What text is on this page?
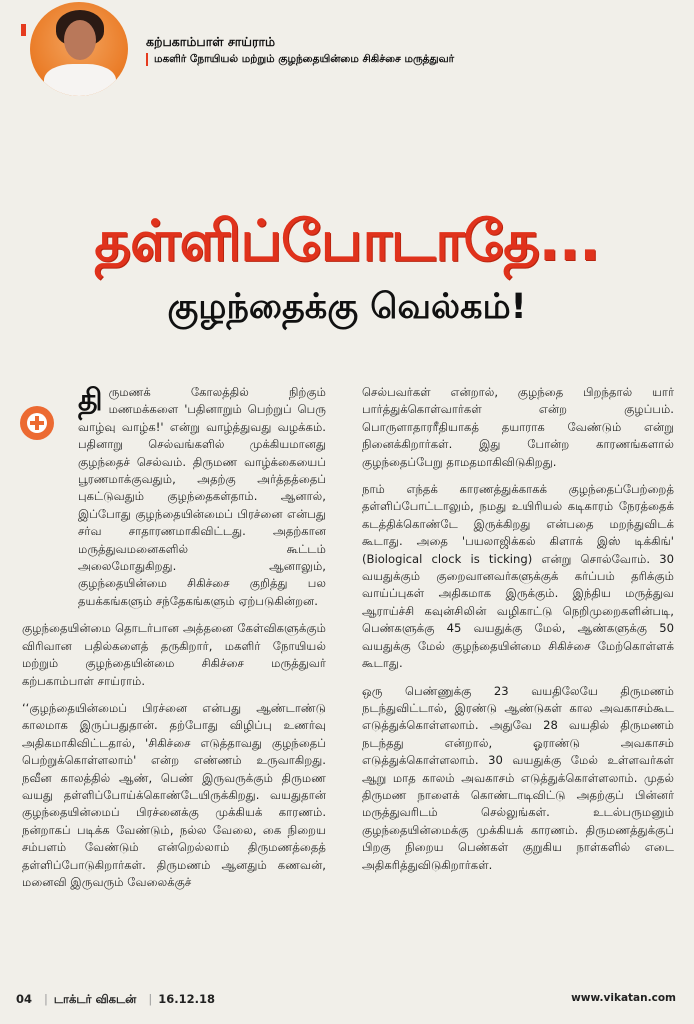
கற்பகாம்பாள் சாய்ராம்
மகளிர் நோயியல் மற்றும் குழந்தையின்மை சிகிச்சை மருத்துவர்
தள்ளிப்போடாதே...
குழந்தைக்கு வெல்கம்!

திருமணக் கோலத்தில் நிற்கும் மணமக்களை 'பதினாறும் பெற்றுப் பெரு வாழ்வு வாழ்க!' என்று வாழ்த்துவது வழக்கம். பதினாறு செல்வங்களில் முக்கியமானது குழந்தைச் செல்வம். திருமண வாழ்க்கையைப் பூரணமாக்குவதும், அதற்கு அர்த்தத்தைப் புகட்டுவதும் குழந்தைகள்தாம். ஆனால், இப்போது குழந்தையின்மைப் பிரச்னை என்பது சர்வ சாதாரணமாகிவிட்டது. அதற்கான மருத்துவமனைகளில் கூட்டம் அலைமோதுகிறது. ஆனாலும், குழந்தையின்மை சிகிச்சை குறித்து பல தயக்கங்களும் சந்தேகங்களும் ஏற்படுகின்றன.

குழந்தையின்மை தொடர்பான அத்தனை கேள்விகளுக்கும் விரிவான பதில்களைத் தருகிறார், மகளிர் நோயியல் மற்றும் குழந்தையின்மை சிகிச்சை மருத்துவர் கற்பகாம்பாள் சாய்ராம்.

‘‘குழந்தையின்மைப் பிரச்னை என்பது ஆண்டாண்டு காலமாக இருப்பதுதான். தற்போது விழிப்பு உணர்வு அதிகமாகிவிட்டதால், 'சிகிச்சை எடுத்தாவது குழந்தைப் பெற்றுக்கொள்ளலாம்' என்ற எண்ணம் உருவாகிறது. நவீன காலத்தில் ஆண், பெண் இருவருக்கும் திருமண வயது தள்ளிப்போய்க்கொண்டேயிருக்கிறது. வயதுதான் குழந்தையின்மைப் பிரச்னைக்கு முக்கியக் காரணம். நன்றாகப் படிக்க வேண்டும், நல்ல வேலை, கை நிறைய சம்பளம் வேண்டும் என்றெல்லாம் திருமணத்தைத் தள்ளிப்போடுகிறார்கள். திருமணம் ஆனதும் கணவன், மனைவி இருவரும் வேலைக்குச்

செல்பவர்கள் என்றால், குழந்தை பிறந்தால் யார் பார்த்துக்கொள்வார்கள் என்ற குழப்பம். பொருளாதாரரீதியாகத் தயாராக வேண்டும் என்று நினைக்கிறார்கள். இது போன்ற காரணங்களால் குழந்தைப்பேறு தாமதமாகிவிடுகிறது.

நாம் எந்தக் காரணத்துக்காகக் குழந்தைப்பேற்றைத் தள்ளிப்போட்டாலும், நமது உயிரியல் கடிகாரம் நேரத்தைக் கடத்திக்கொண்டே இருக்கிறது என்பதை மறந்துவிடக் கூடாது. அதை 'பயலாஜிக்கல் கிளாக் இஸ் டிக்கிங்' (Biological clock is ticking) என்று சொல்வோம். 30 வயதுக்கும் குறைவானவர்களுக்குக் கர்ப்பம் தரிக்கும் வாய்ப்புகள் அதிகமாக இருக்கும். இந்திய மருத்துவ ஆராய்ச்சி கவுன்சிலின் வழிகாட்டு நெறிமுறைகளின்படி, பெண்களுக்கு 45 வயதுக்கு மேல், ஆண்களுக்கு 50 வயதுக்கு மேல் குழந்தையின்மை சிகிச்சை மேற்கொள்ளக் கூடாது.

ஒரு பெண்ணுக்கு 23 வயதிலேயே திருமணம் நடந்துவிட்டால், இரண்டு ஆண்டுகள் கால அவகாசம்கூட எடுத்துக்கொள்ளலாம். அதுவே 28 வயதில் திருமணம் நடந்தது என்றால், ஓராண்டு அவகாசம் எடுத்துக்கொள்ளலாம். 30 வயதுக்கு மேல் உள்ளவர்கள் ஆறு மாத காலம் அவகாசம் எடுத்துக்கொள்ளலாம். முதல் திருமண நாளைக் கொண்டாடிவிட்டு அதற்குப் பின்னர் மருத்துவரிடம் செல்லுங்கள். உடல்பருமனும் குழந்தையின்மைக்கு முக்கியக் காரணம். திருமணத்துக்குப் பிறகு நிறைய பெண்கள் குறுகிய நாள்களில் எடை அதிகரித்துவிடுகிறார்கள்.

04 | டாக்டர் விகடன் | 16.12.18	www.vikatan.com
